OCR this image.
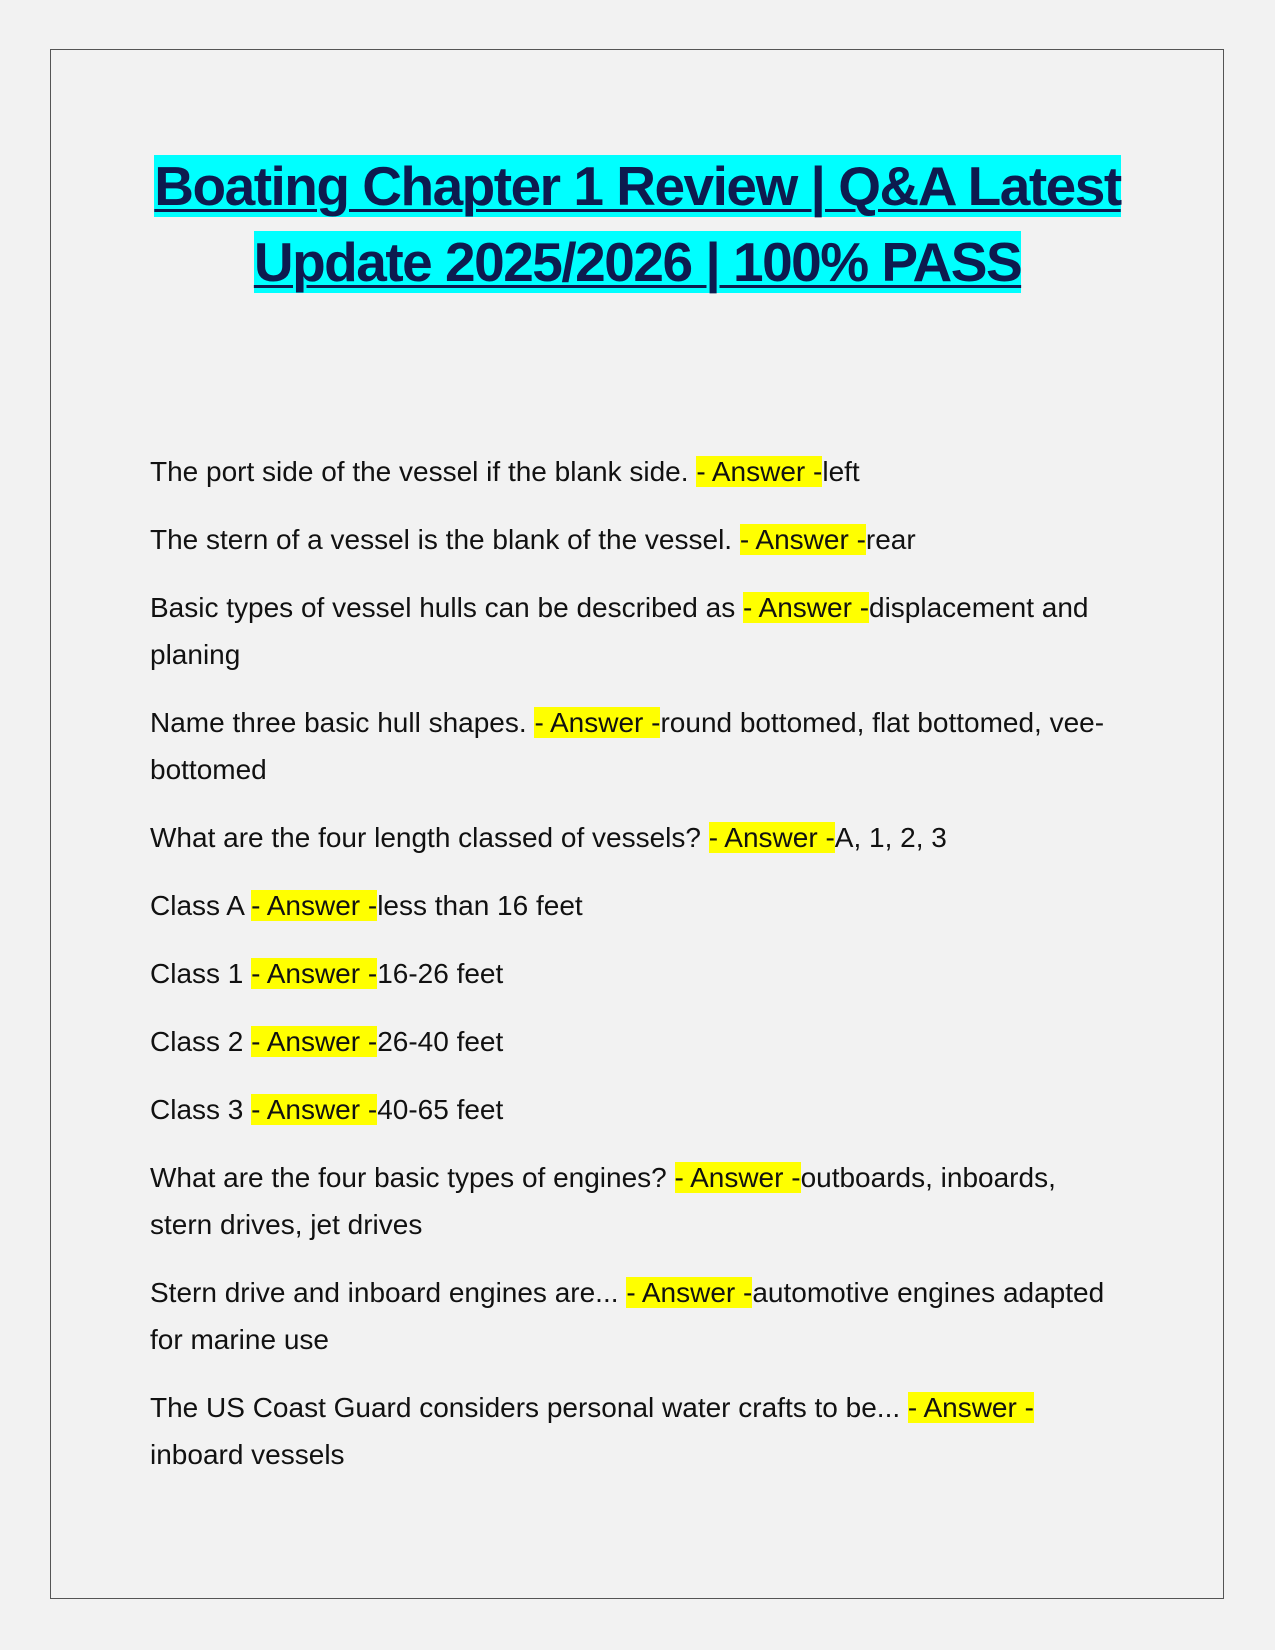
Boating Chapter 1 Review | Q&A Latest Update 2025/2026 | 100% PASS
The port side of the vessel if the blank side. - Answer -left
The stern of a vessel is the blank of the vessel. - Answer -rear
Basic types of vessel hulls can be described as - Answer -displacement and planing
Name three basic hull shapes. - Answer -round bottomed, flat bottomed, vee-bottomed
What are the four length classed of vessels? - Answer -A, 1, 2, 3
Class A - Answer -less than 16 feet
Class 1 - Answer -16-26 feet
Class 2 - Answer -26-40 feet
Class 3 - Answer -40-65 feet
What are the four basic types of engines? - Answer -outboards, inboards, stern drives, jet drives
Stern drive and inboard engines are... - Answer -automotive engines adapted for marine use
The US Coast Guard considers personal water crafts to be... - Answer -inboard vessels
